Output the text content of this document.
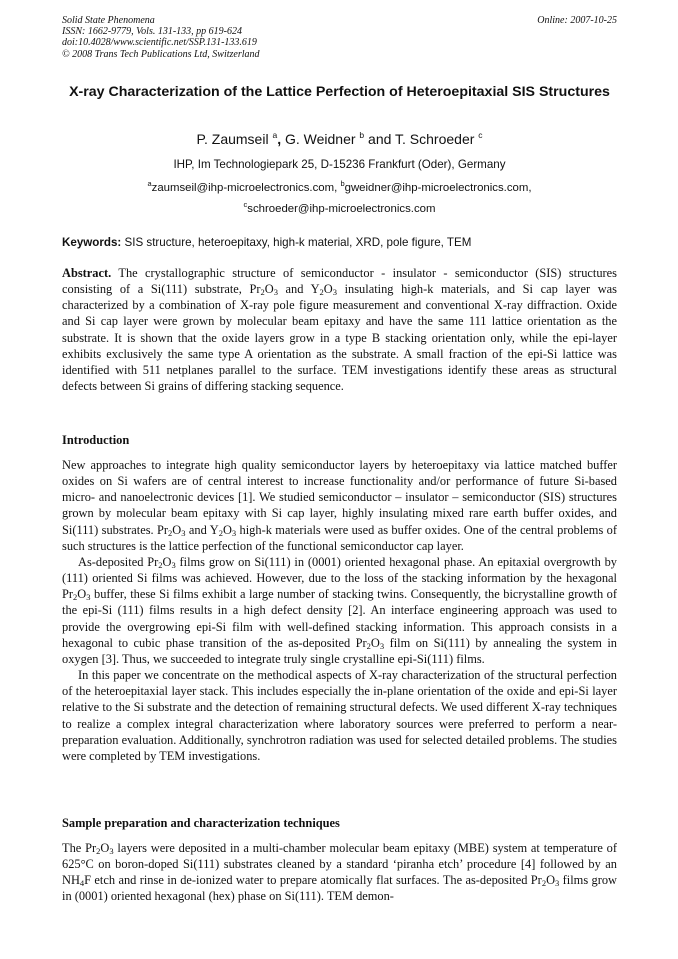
Solid State Phenomena
ISSN: 1662-9779, Vols. 131-133, pp 619-624
doi:10.4028/www.scientific.net/SSP.131-133.619
© 2008 Trans Tech Publications Ltd, Switzerland
Online: 2007-10-25
X-ray Characterization of the Lattice Perfection of Heteroepitaxial SIS Structures
P. Zaumseil $^a$, G. Weidner $^b$ and T. Schroeder $^c$
IHP, Im Technologiepark 25, D-15236 Frankfurt (Oder), Germany
$^a$zaumseil@ihp-microelectronics.com, $^b$gweidner@ihp-microelectronics.com,
$^c$schroeder@ihp-microelectronics.com
Keywords: SIS structure, heteroepitaxy, high-k material, XRD, pole figure, TEM

Abstract. The crystallographic structure of semiconductor - insulator - semiconductor (SIS) structures consisting of a Si(111) substrate, $Pr_2O_3$ and $Y_2O_3$ insulating high-k materials, and Si cap layer was characterized by a combination of X-ray pole figure measurement and conventional X-ray diffraction. Oxide and Si cap layer were grown by molecular beam epitaxy and have the same 111 lattice orientation as the substrate. It is shown that the oxide layers grow in a type B stacking orientation only, while the epi-layer exhibits exclusively the same type A orientation as the substrate. A small fraction of the epi-Si lattice was identified with 511 netplanes parallel to the surface. TEM investigations identify these areas as structural defects between Si grains of differing stacking sequence.

Introduction

New approaches to integrate high quality semiconductor layers by heteroepitaxy via lattice matched buffer oxides on Si wafers are of central interest to increase functionality and/or performance of future Si-based micro- and nanoelectronic devices [1]. We studied semiconductor – insulator – semiconductor (SIS) structures grown by molecular beam epitaxy with Si cap layer, highly insulating mixed rare earth buffer oxides, and Si(111) substrates. $Pr_2O_3$ and $Y_2O_3$ high-k materials were used as buffer oxides. One of the central problems of such structures is the lattice perfection of the functional semiconductor cap layer.

As-deposited $Pr_2O_3$ films grow on Si(111) in (0001) oriented hexagonal phase. An epitaxial overgrowth by (111) oriented Si films was achieved. However, due to the loss of the stacking information by the hexagonal $Pr_2O_3$ buffer, these Si films exhibit a large number of stacking twins. Consequently, the bicrystalline growth of the epi-Si (111) films results in a high defect density [2]. An interface engineering approach was used to provide the overgrowing epi-Si film with well-defined stacking information. This approach consists in a hexagonal to cubic phase transition of the as-deposited $Pr_2O_3$ film on Si(111) by annealing the system in oxygen [3]. Thus, we succeeded to integrate truly single crystalline epi-Si(111) films.

In this paper we concentrate on the methodical aspects of X-ray characterization of the structural perfection of the heteroepitaxial layer stack. This includes especially the in-plane orientation of the oxide and epi-Si layer relative to the Si substrate and the detection of remaining structural defects. We used different X-ray techniques to realize a complex integral characterization where laboratory sources were preferred to perform a near-preparation evaluation. Additionally, synchrotron radiation was used for selected detailed problems. The studies were completed by TEM investigations.

Sample preparation and characterization techniques

The $Pr_2O_3$ layers were deposited in a multi-chamber molecular beam epitaxy (MBE) system at temperature of 625°C on boron-doped Si(111) substrates cleaned by a standard ‘piranha etch’ procedure [4] followed by an $NH_4F$ etch and rinse in de-ionized water to prepare atomically flat surfaces. The as-deposited $Pr_2O_3$ films grow in (0001) oriented hexagonal (hex) phase on Si(111). TEM demon-
